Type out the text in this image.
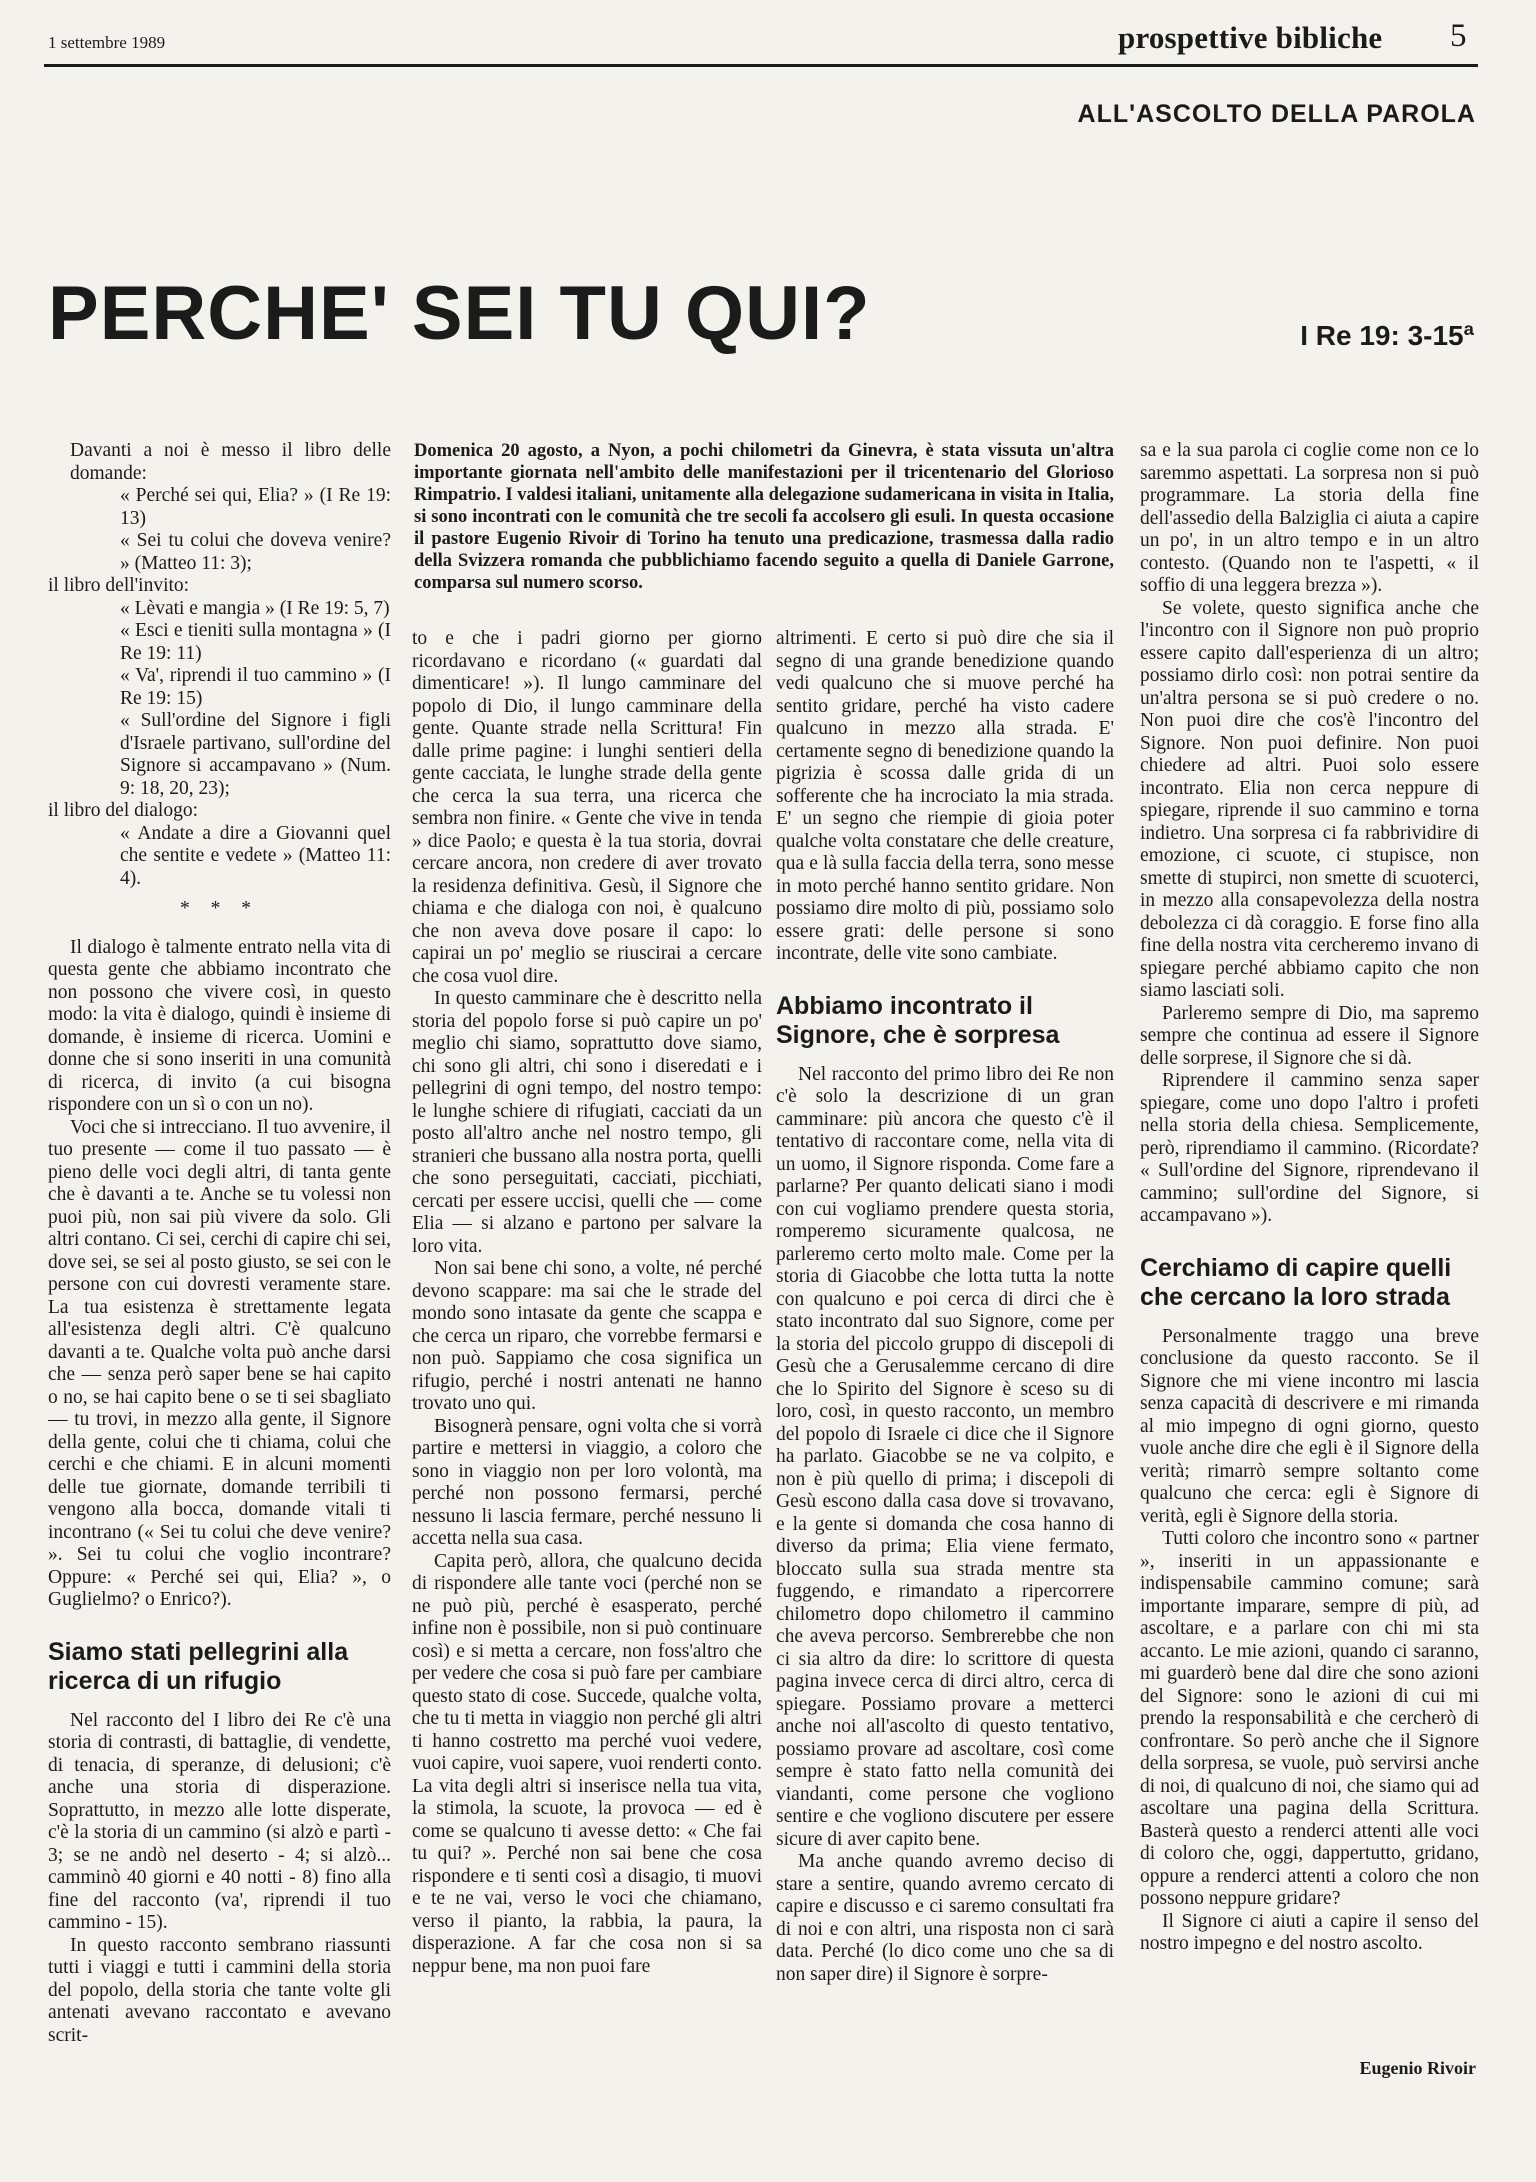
1 settembre 1989	prospettive bibliche 5
ALL'ASCOLTO DELLA PAROLA
PERCHE' SEI TU QUI?	I Re 19: 3-15ª

Davanti a noi è messo il libro delle domande:

« Perché sei qui, Elia? » (I Re 19: 13)

« Sei tu colui che doveva venire? » (Matteo 11: 3);

il libro dell'invito:

« Lèvati e mangia » (I Re 19: 5, 7)

« Esci e tieniti sulla montagna » (I Re 19: 11)

« Va', riprendi il tuo cammino » (I Re 19: 15)

« Sull'ordine del Signore i figli d'Israele partivano, sull'ordine del Signore si accampavano » (Num. 9: 18, 20, 23);

il libro del dialogo:

« Andate a dire a Giovanni quel che sentite e vedete » (Matteo 11: 4).

* * *

Il dialogo è talmente entrato nella vita di questa gente che abbiamo incontrato che non possono che vivere così, in questo modo: la vita è dialogo, quindi è insieme di domande, è insieme di ricerca. Uomini e donne che si sono inseriti in una comunità di ricerca, di invito (a cui bisogna rispondere con un sì o con un no).

Voci che si intrecciano. Il tuo avvenire, il tuo presente — come il tuo passato — è pieno delle voci degli altri, di tanta gente che è davanti a te. Anche se tu volessi non puoi più, non sai più vivere da solo. Gli altri contano. Ci sei, cerchi di capire chi sei, dove sei, se sei al posto giusto, se sei con le persone con cui dovresti veramente stare. La tua esistenza è strettamente legata all'esistenza degli altri. C'è qualcuno davanti a te. Qualche volta può anche darsi che — senza però saper bene se hai capito o no, se hai capito bene o se ti sei sbagliato — tu trovi, in mezzo alla gente, il Signore della gente, colui che ti chiama, colui che cerchi e che chiami. E in alcuni momenti delle tue giornate, domande terribili ti vengono alla bocca, domande vitali ti incontrano (« Sei tu colui che deve venire? ». Sei tu colui che voglio incontrare? Oppure: « Perché sei qui, Elia? », o Guglielmo? o Enrico?).

Siamo stati pellegrini alla ricerca di un rifugio

Nel racconto del I libro dei Re c'è una storia di contrasti, di battaglie, di vendette, di tenacia, di speranze, di delusioni; c'è anche una storia di disperazione. Soprattutto, in mezzo alle lotte disperate, c'è la storia di un cammino (si alzò e partì - 3; se ne andò nel deserto - 4; si alzò... camminò 40 giorni e 40 notti - 8) fino alla fine del racconto (va', riprendi il tuo cammino - 15).

In questo racconto sembrano riassunti tutti i viaggi e tutti i cammini della storia del popolo, della storia che tante volte gli antenati avevano raccontato e avevano scrit-

Domenica 20 agosto, a Nyon, a pochi chilometri da Ginevra, è stata vissuta un'altra importante giornata nell'ambito delle manifestazioni per il tricentenario del Glorioso Rimpatrio. I valdesi italiani, unitamente alla delegazione sudamericana in visita in Italia, si sono incontrati con le comunità che tre secoli fa accolsero gli esuli. In questa occasione il pastore Eugenio Rivoir di Torino ha tenuto una predicazione, trasmessa dalla radio della Svizzera romanda che pubblichiamo facendo seguito a quella di Daniele Garrone, comparsa sul numero scorso.

to e che i padri giorno per giorno ricordavano e ricordano (« guardati dal dimenticare! »). Il lungo camminare del popolo di Dio, il lungo camminare della gente. Quante strade nella Scrittura! Fin dalle prime pagine: i lunghi sentieri della gente cacciata, le lunghe strade della gente che cerca la sua terra, una ricerca che sembra non finire. « Gente che vive in tenda » dice Paolo; e questa è la tua storia, dovrai cercare ancora, non credere di aver trovato la residenza definitiva. Gesù, il Signore che chiama e che dialoga con noi, è qualcuno che non aveva dove posare il capo: lo capirai un po' meglio se riuscirai a cercare che cosa vuol dire.

In questo camminare che è descritto nella storia del popolo forse si può capire un po' meglio chi siamo, soprattutto dove siamo, chi sono gli altri, chi sono i diseredati e i pellegrini di ogni tempo, del nostro tempo: le lunghe schiere di rifugiati, cacciati da un posto all'altro anche nel nostro tempo, gli stranieri che bussano alla nostra porta, quelli che sono perseguitati, cacciati, picchiati, cercati per essere uccisi, quelli che — come Elia — si alzano e partono per salvare la loro vita.

Non sai bene chi sono, a volte, né perché devono scappare: ma sai che le strade del mondo sono intasate da gente che scappa e che cerca un riparo, che vorrebbe fermarsi e non può. Sappiamo che cosa significa un rifugio, perché i nostri antenati ne hanno trovato uno qui.

Bisognerà pensare, ogni volta che si vorrà partire e mettersi in viaggio, a coloro che sono in viaggio non per loro volontà, ma perché non possono fermarsi, perché nessuno li lascia fermare, perché nessuno li accetta nella sua casa.

Capita però, allora, che qualcuno decida di rispondere alle tante voci (perché non se ne può più, perché è esasperato, perché infine non è possibile, non si può continuare così) e si metta a cercare, non foss'altro che per vedere che cosa si può fare per cambiare questo stato di cose. Succede, qualche volta, che tu ti metta in viaggio non perché gli altri ti hanno costretto ma perché vuoi vedere, vuoi capire, vuoi sapere, vuoi renderti conto. La vita degli altri si inserisce nella tua vita, la stimola, la scuote, la provoca — ed è come se qualcuno ti avesse detto: « Che fai tu qui? ». Perché non sai bene che cosa rispondere e ti senti così a disagio, ti muovi e te ne vai, verso le voci che chiamano, verso il pianto, la rabbia, la paura, la disperazione. A far che cosa non si sa neppur bene, ma non puoi fare

altrimenti. E certo si può dire che sia il segno di una grande benedizione quando vedi qualcuno che si muove perché ha sentito gridare, perché ha visto cadere qualcuno in mezzo alla strada. E' certamente segno di benedizione quando la pigrizia è scossa dalle grida di un sofferente che ha incrociato la mia strada. E' un segno che riempie di gioia poter qualche volta constatare che delle creature, qua e là sulla faccia della terra, sono messe in moto perché hanno sentito gridare. Non possiamo dire molto di più, possiamo solo essere grati: delle persone si sono incontrate, delle vite sono cambiate.

Abbiamo incontrato il Signore, che è sorpresa

Nel racconto del primo libro dei Re non c'è solo la descrizione di un gran camminare: più ancora che questo c'è il tentativo di raccontare come, nella vita di un uomo, il Signore risponda. Come fare a parlarne? Per quanto delicati siano i modi con cui vogliamo prendere questa storia, romperemo sicuramente qualcosa, ne parleremo certo molto male. Come per la storia di Giacobbe che lotta tutta la notte con qualcuno e poi cerca di dirci che è stato incontrato dal suo Signore, come per la storia del piccolo gruppo di discepoli di Gesù che a Gerusalemme cercano di dire che lo Spirito del Signore è sceso su di loro, così, in questo racconto, un membro del popolo di Israele ci dice che il Signore ha parlato. Giacobbe se ne va colpito, e non è più quello di prima; i discepoli di Gesù escono dalla casa dove si trovavano, e la gente si domanda che cosa hanno di diverso da prima; Elia viene fermato, bloccato sulla sua strada mentre sta fuggendo, e rimandato a ripercorrere chilometro dopo chilometro il cammino che aveva percorso. Sembrerebbe che non ci sia altro da dire: lo scrittore di questa pagina invece cerca di dirci altro, cerca di spiegare. Possiamo provare a metterci anche noi all'ascolto di questo tentativo, possiamo provare ad ascoltare, così come sempre è stato fatto nella comunità dei viandanti, come persone che vogliono sentire e che vogliono discutere per essere sicure di aver capito bene.

Ma anche quando avremo deciso di stare a sentire, quando avremo cercato di capire e discusso e ci saremo consultati fra di noi e con altri, una risposta non ci sarà data. Perché (lo dico come uno che sa di non saper dire) il Signore è sorpre-

sa e la sua parola ci coglie come non ce lo saremmo aspettati. La sorpresa non si può programmare. La storia della fine dell'assedio della Balziglia ci aiuta a capire un po', in un altro tempo e in un altro contesto. (Quando non te l'aspetti, « il soffio di una leggera brezza »).

Se volete, questo significa anche che l'incontro con il Signore non può proprio essere capito dall'esperienza di un altro; possiamo dirlo così: non potrai sentire da un'altra persona se si può credere o no. Non puoi dire che cos'è l'incontro del Signore. Non puoi definire. Non puoi chiedere ad altri. Puoi solo essere incontrato. Elia non cerca neppure di spiegare, riprende il suo cammino e torna indietro. Una sorpresa ci fa rabbrividire di emozione, ci scuote, ci stupisce, non smette di stupirci, non smette di scuoterci, in mezzo alla consapevolezza della nostra debolezza ci dà coraggio. E forse fino alla fine della nostra vita cercheremo invano di spiegare perché abbiamo capito che non siamo lasciati soli.

Parleremo sempre di Dio, ma sapremo sempre che continua ad essere il Signore delle sorprese, il Signore che si dà.

Riprendere il cammino senza saper spiegare, come uno dopo l'altro i profeti nella storia della chiesa. Semplicemente, però, riprendiamo il cammino. (Ricordate? « Sull'ordine del Signore, riprendevano il cammino; sull'ordine del Signore, si accampavano »).

Cerchiamo di capire quelli che cercano la loro strada

Personalmente traggo una breve conclusione da questo racconto. Se il Signore che mi viene incontro mi lascia senza capacità di descrivere e mi rimanda al mio impegno di ogni giorno, questo vuole anche dire che egli è il Signore della verità; rimarrò sempre soltanto come qualcuno che cerca: egli è Signore di verità, egli è Signore della storia.

Tutti coloro che incontro sono « partner », inseriti in un appassionante e indispensabile cammino comune; sarà importante imparare, sempre di più, ad ascoltare, e a parlare con chi mi sta accanto. Le mie azioni, quando ci saranno, mi guarderò bene dal dire che sono azioni del Signore: sono le azioni di cui mi prendo la responsabilità e che cercherò di confrontare. So però anche che il Signore della sorpresa, se vuole, può servirsi anche di noi, di qualcuno di noi, che siamo qui ad ascoltare una pagina della Scrittura. Basterà questo a renderci attenti alle voci di coloro che, oggi, dappertutto, gridano, oppure a renderci attenti a coloro che non possono neppure gridare?

Il Signore ci aiuti a capire il senso del nostro impegno e del nostro ascolto.

Eugenio Rivoir
